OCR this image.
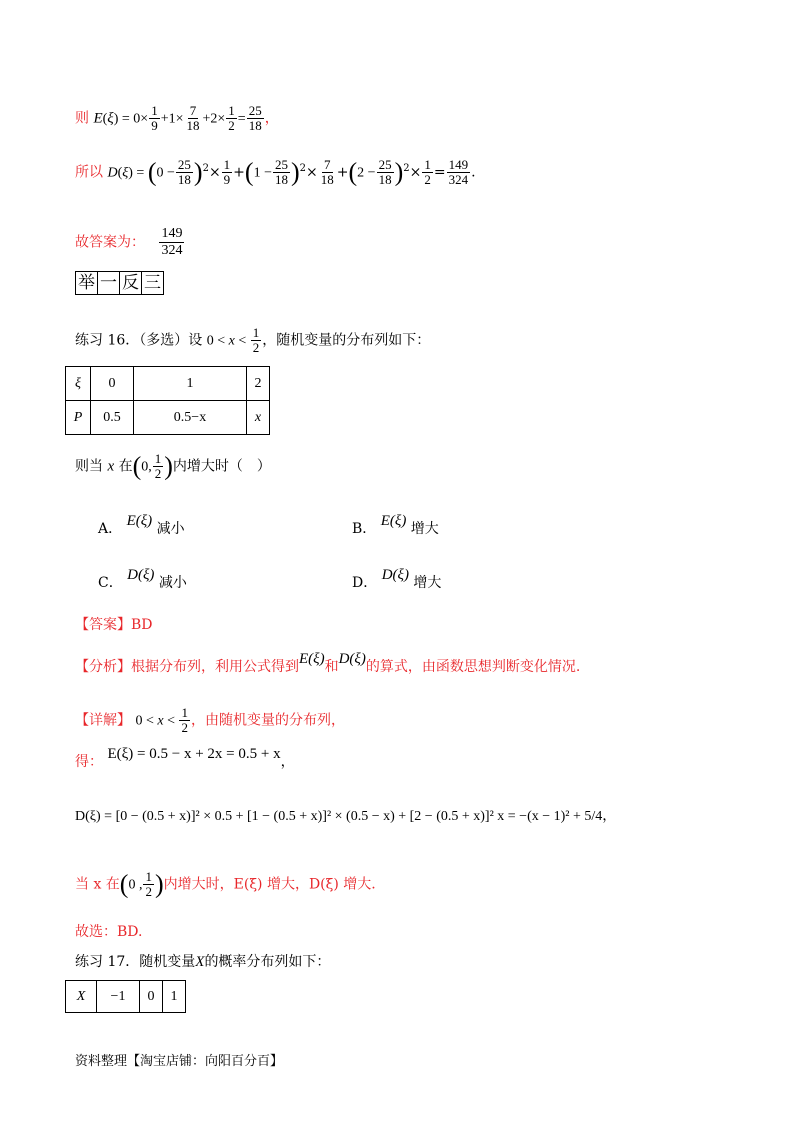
则 $E(\xi) = 0\times \frac{1}{9} +1\times \frac{7}{18} +2\times \frac{1}{2} = \frac{25}{18}$ ，
所以 $D(\xi) = (0 - \frac{25}{18} )^2\times \frac{1}{9} +(1 - \frac{25}{18} )^2\times \frac{7}{18} +(2 - \frac{25}{18} )^2\times \frac{1}{2} = \frac{149}{324}$ .
故答案为： $\frac{149}{324}$
举 一 反 三
练习 16．（多选）设 $0 < x < \frac{1}{2}$ ，随机变量的分布列如下：
ξ	0	1	2
P	0.5	0.5−x	x
则当 x 在(0, $\frac{1}{2}$ )内增大时（　）
A． E(ξ) 减小	B． E(ξ) 增大
C． D(ξ) 减小	D． D(ξ) 增大
【答案】BD
【分析】根据分布列，利用公式得到E(ξ)和D(ξ)的算式，由函数思想判断变化情况.
【详解】 $0 < x < \frac{1}{2}$ ，由随机变量的分布列，
得： E(ξ) = 0.5 − x + 2x = 0.5 + x，
D(ξ) = [0 − (0.5 + x)]² × 0.5 + [1 − (0.5 + x)]² × (0.5 − x) + [2 − (0.5 + x)]² x = −(x − 1)² + 5/4，
当 x 在(0 , $\frac{1}{2}$ )内增大时，E(ξ) 增大，D(ξ) 增大.
故选：BD.
练习 17．随机变量X的概率分布列如下：
X	−1	0	1
资料整理【淘宝店铺：向阳百分百】
